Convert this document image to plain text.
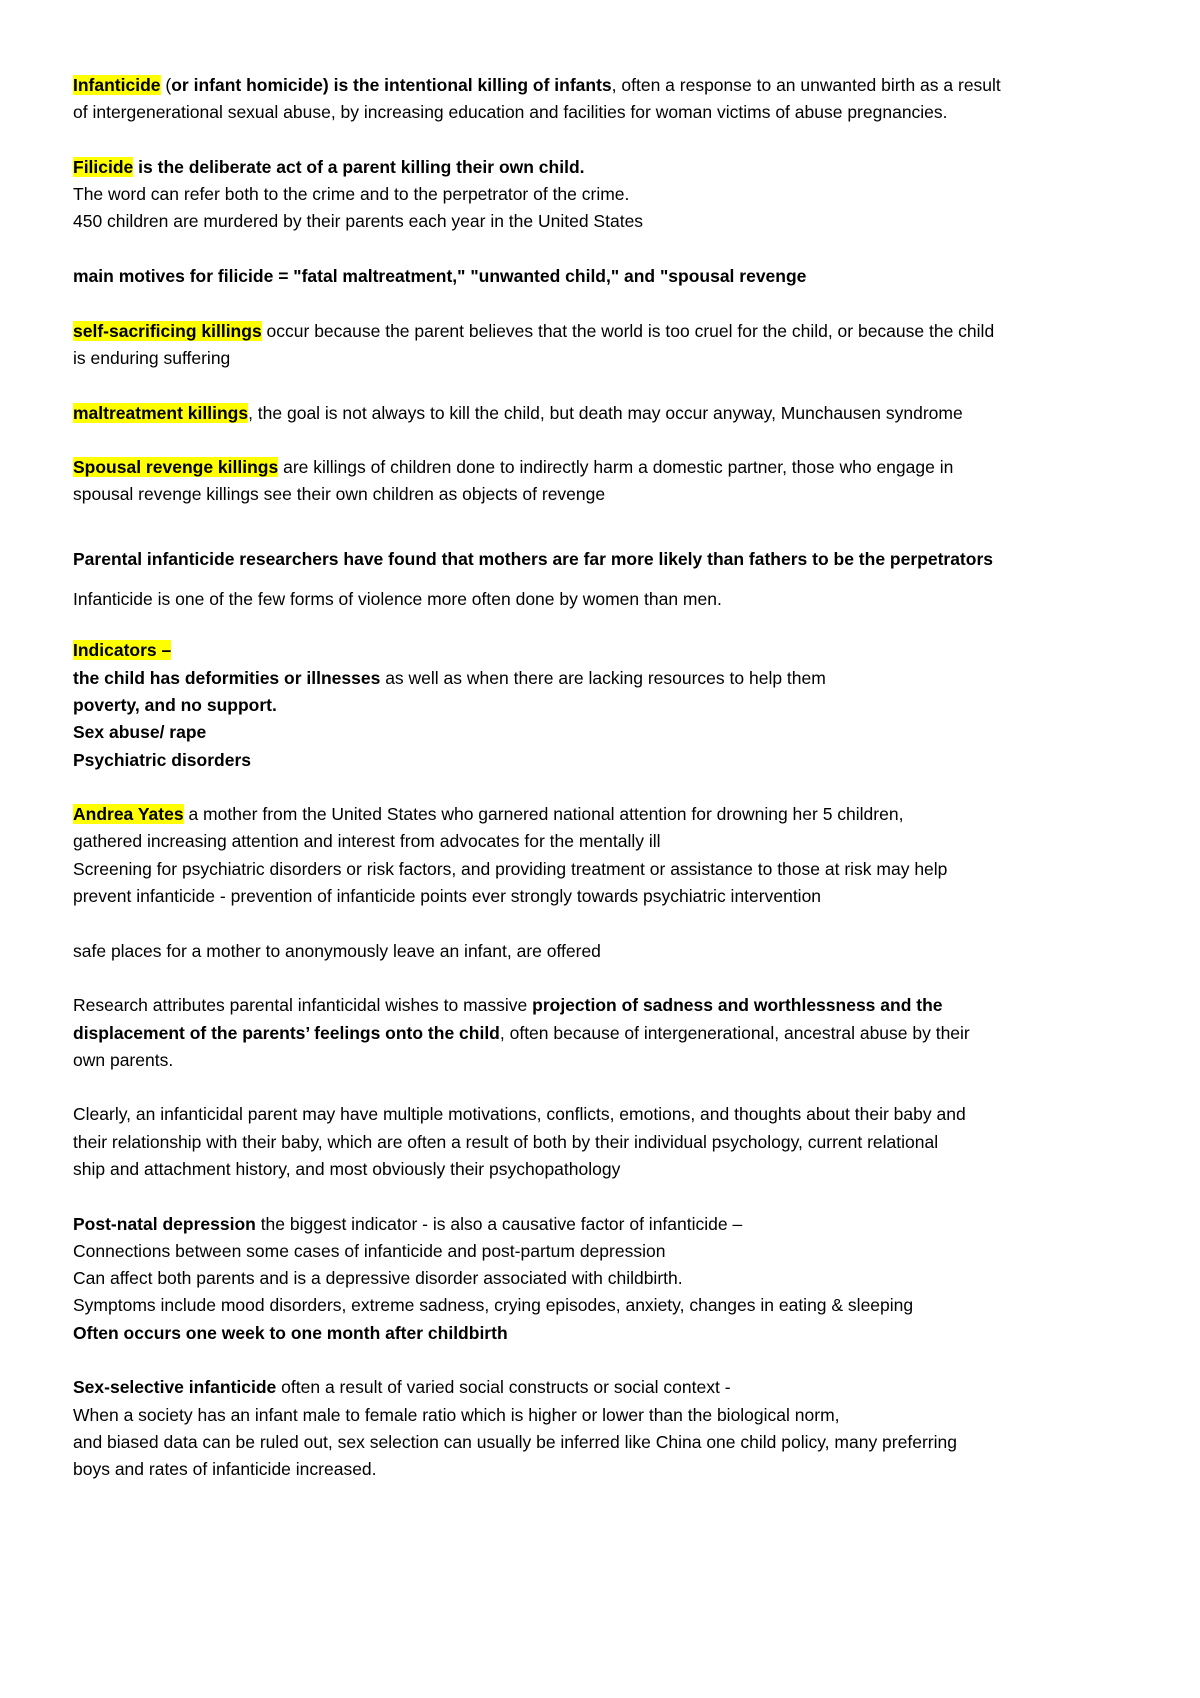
Infanticide (or infant homicide) is the intentional killing of infants, often a response to an unwanted birth as a result
of intergenerational sexual abuse, by increasing education and facilities for woman victims of abuse pregnancies.

Filicide is the deliberate act of a parent killing their own child.
The word can refer both to the crime and to the perpetrator of the crime.
450 children are murdered by their parents each year in the United States

main motives for filicide = "fatal maltreatment," "unwanted child," and "spousal revenge

self-sacrificing killings occur because the parent believes that the world is too cruel for the child, or because the child
is enduring suffering

maltreatment killings, the goal is not always to kill the child, but death may occur anyway, Munchausen syndrome

Spousal revenge killings are killings of children done to indirectly harm a domestic partner, those who engage in
spousal revenge killings see their own children as objects of revenge

Parental infanticide researchers have found that mothers are far more likely than fathers to be the perpetrators

Infanticide is one of the few forms of violence more often done by women than men.

Indicators –
the child has deformities or illnesses as well as when there are lacking resources to help them
poverty, and no support.
Sex abuse/ rape
Psychiatric disorders

Andrea Yates a mother from the United States who garnered national attention for drowning her 5 children,
gathered increasing attention and interest from advocates for the mentally ill
Screening for psychiatric disorders or risk factors, and providing treatment or assistance to those at risk may help
prevent infanticide - prevention of infanticide points ever strongly towards psychiatric intervention

safe places for a mother to anonymously leave an infant, are offered

Research attributes parental infanticidal wishes to massive projection of sadness and worthlessness and the
displacement of the parents’ feelings onto the child, often because of intergenerational, ancestral abuse by their
own parents.

Clearly, an infanticidal parent may have multiple motivations, conflicts, emotions, and thoughts about their baby and
their relationship with their baby, which are often a result of both by their individual psychology, current relational
ship and attachment history, and most obviously their psychopathology

Post-natal depression the biggest indicator - is also a causative factor of infanticide –
Connections between some cases of infanticide and post-partum depression
Can affect both parents and is a depressive disorder associated with childbirth.
Symptoms include mood disorders, extreme sadness, crying episodes, anxiety, changes in eating & sleeping
Often occurs one week to one month after childbirth

Sex-selective infanticide often a result of varied social constructs or social context -
When a society has an infant male to female ratio which is higher or lower than the biological norm,
and biased data can be ruled out, sex selection can usually be inferred like China one child policy, many preferring
boys and rates of infanticide increased.
